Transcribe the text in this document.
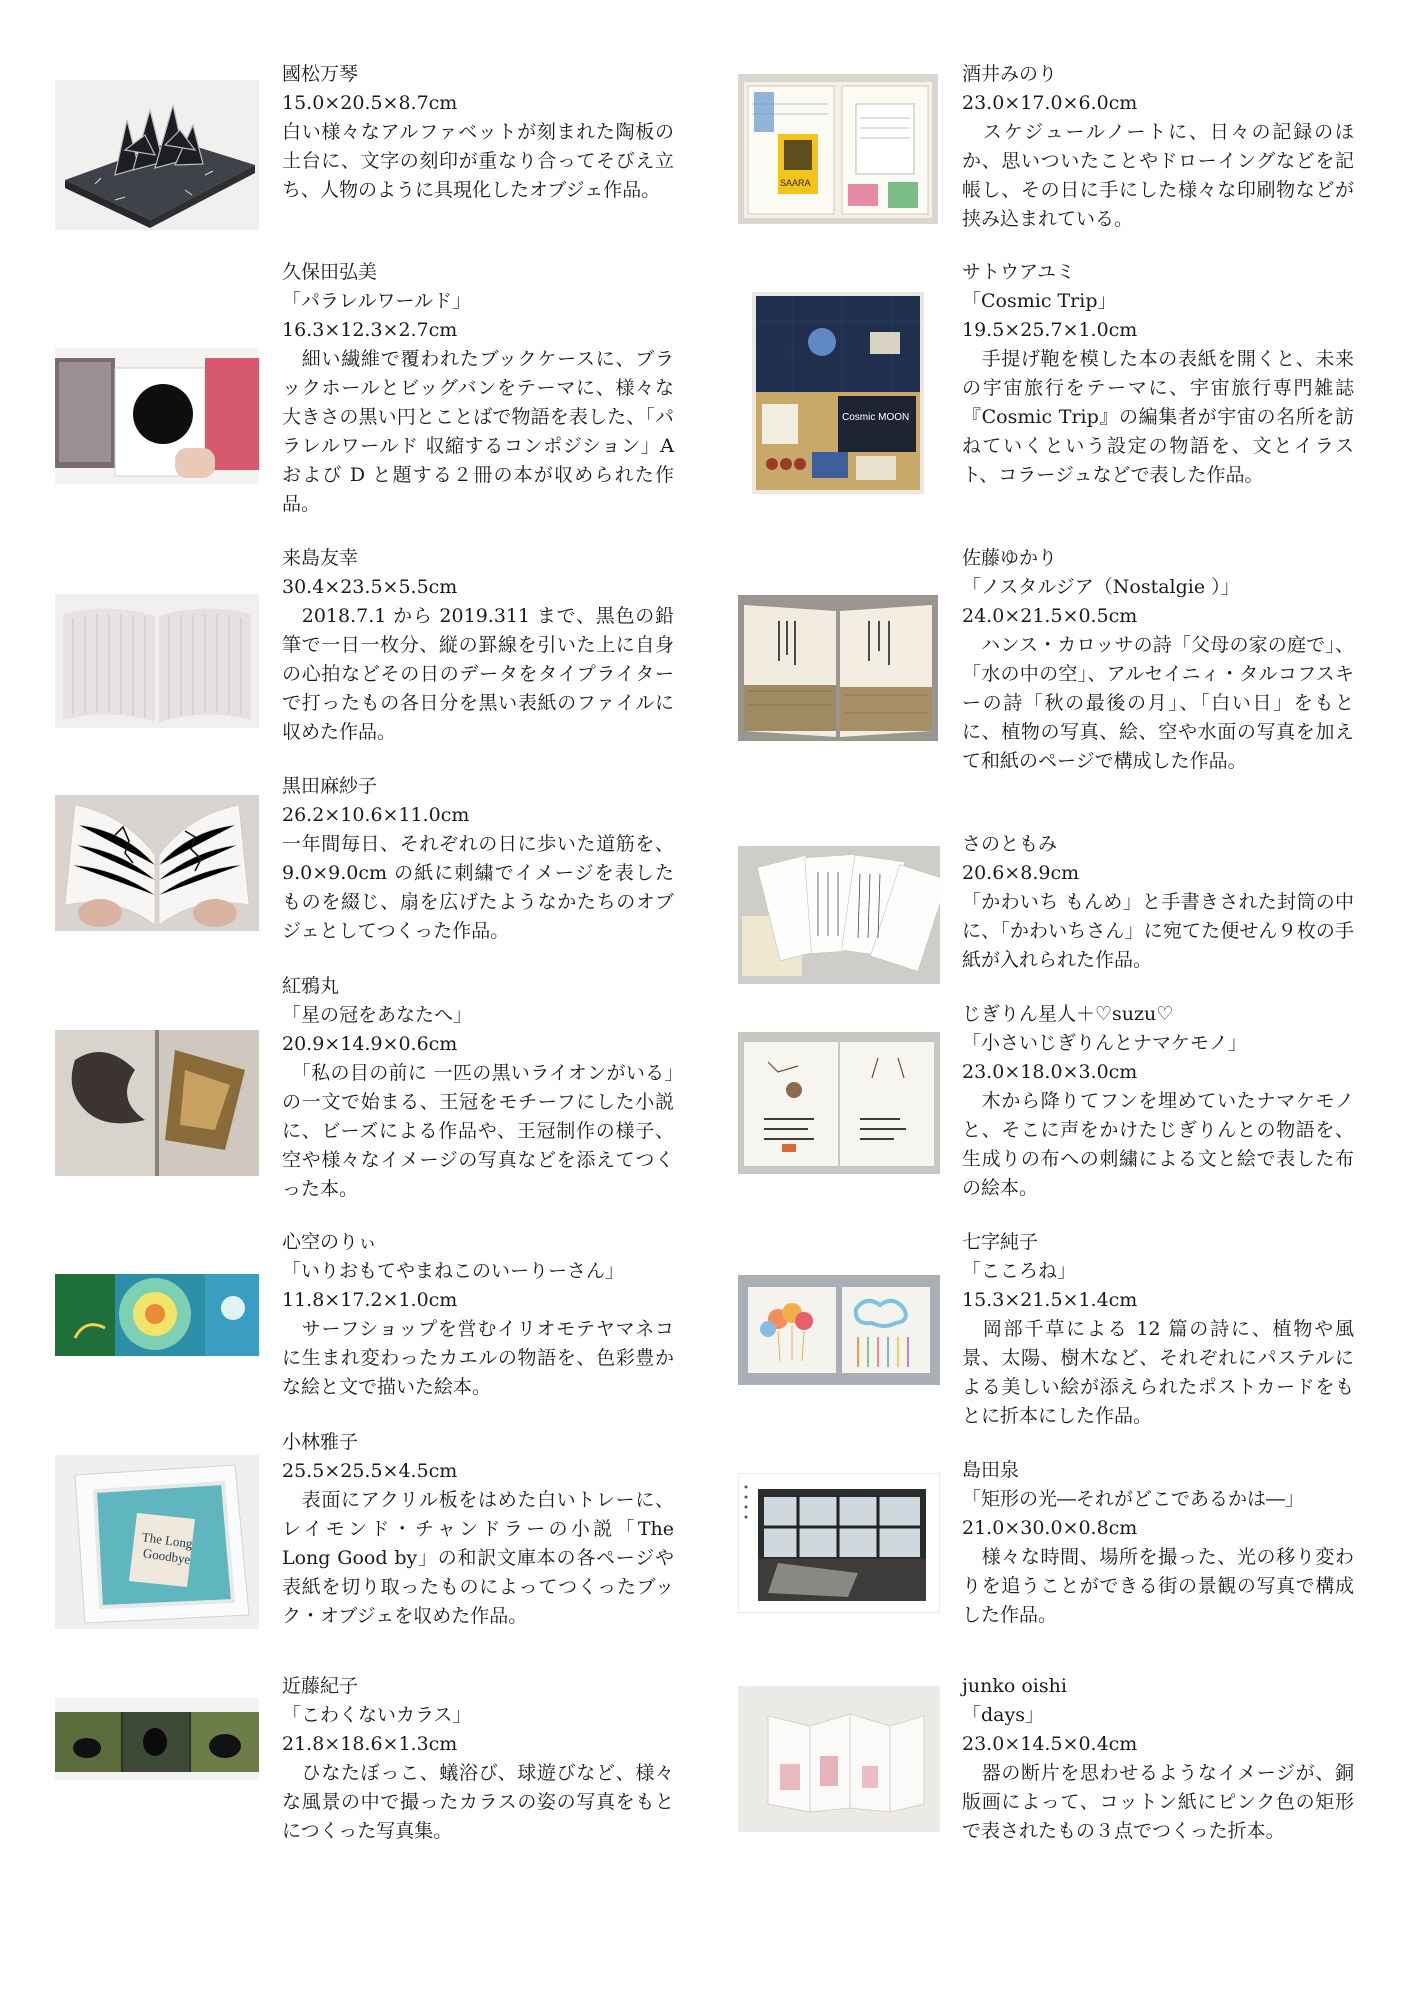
國松万琴
15.0×20.5×8.7cm
白い様々なアルファベットが刻まれた陶板の土台に、文字の刻印が重なり合ってそびえ立ち、人物のように具現化したオブジェ作品。
久保田弘美
「パラレルワールド」
16.3×12.3×2.7cm
　細い繊維で覆われたブックケースに、ブラックホールとビッグバンをテーマに、様々な大きさの黒い円とことばで物語を表した、「パラレルワールド 収縮するコンポジション」A および D と題する２冊の本が収められた作品。
来島友幸
30.4×23.5×5.5cm
　2018.7.1 から 2019.311 まで、黒色の鉛筆で一日一枚分、縦の罫線を引いた上に自身の心拍などその日のデータをタイプライターで打ったもの各日分を黒い表紙のファイルに収めた作品。
黒田麻紗子
26.2×10.6×11.0cm
一年間毎日、それぞれの日に歩いた道筋を、9.0×9.0cm の紙に刺繍でイメージを表したものを綴じ、扇を広げたようなかたちのオブジェとしてつくった作品。
紅鴉丸
「星の冠をあなたへ」
20.9×14.9×0.6cm
　「私の目の前に 一匹の黒いライオンがいる」の一文で始まる、王冠をモチーフにした小説に、ビーズによる作品や、王冠制作の様子、空や様々なイメージの写真などを添えてつくった本。
心空のりぃ
「いりおもてやまねこのいーりーさん」
11.8×17.2×1.0cm
　サーフショップを営むイリオモテヤマネコに生まれ変わったカエルの物語を、色彩豊かな絵と文で描いた絵本。
The Long
Goodbye
小林雅子
25.5×25.5×4.5cm
　表面にアクリル板をはめた白いトレーに、レイモンド・チャンドラーの小説「The Long Good by」の和訳文庫本の各ページや表紙を切り取ったものによってつくったブック・オブジェを収めた作品。
近藤紀子
「こわくないカラス」
21.8×18.6×1.3cm
　ひなたぼっこ、蟻浴び、球遊びなど、様々な風景の中で撮ったカラスの姿の写真をもとにつくった写真集。
SAARA
酒井みのり
23.0×17.0×6.0cm
　スケジュールノートに、日々の記録のほか、思いついたことやドローイングなどを記帳し、その日に手にした様々な印刷物などが挟み込まれている。
Cosmic MOON
サトウアユミ
「Cosmic Trip」
19.5×25.7×1.0cm
　手提げ鞄を模した本の表紙を開くと、未来の宇宙旅行をテーマに、宇宙旅行専門雑誌『Cosmic Trip』の編集者が宇宙の名所を訪ねていくという設定の物語を、文とイラスト、コラージュなどで表した作品。
佐藤ゆかり
「ノスタルジア（Nostalgie ）」
24.0×21.5×0.5cm
　ハンス・カロッサの詩「父母の家の庭で」、「水の中の空」、アルセイニィ・タルコフスキーの詩「秋の最後の月」、「白い日」をもとに、植物の写真、絵、空や水面の写真を加えて和紙のページで構成した作品。
さのともみ
20.6×8.9cm
「かわいち もんめ」と手書きされた封筒の中に、「かわいちさん」に宛てた便せん９枚の手紙が入れられた作品。
じぎりん星人＋♡suzu♡
「小さいじぎりんとナマケモノ」
23.0×18.0×3.0cm
　木から降りてフンを埋めていたナマケモノと、そこに声をかけたじぎりんとの物語を、生成りの布への刺繍による文と絵で表した布の絵本。
七字純子
「こころね」
15.3×21.5×1.4cm
　岡部千草による 12 篇の詩に、植物や風景、太陽、樹木など、それぞれにパステルによる美しい絵が添えられたポストカードをもとに折本にした作品。
島田泉
「矩形の光―それがどこであるかは―」
21.0×30.0×0.8cm
　様々な時間、場所を撮った、光の移り変わりを追うことができる街の景観の写真で構成した作品。
junko oishi
「days」
23.0×14.5×0.4cm
　器の断片を思わせるようなイメージが、銅版画によって、コットン紙にピンク色の矩形で表されたもの３点でつくった折本。
